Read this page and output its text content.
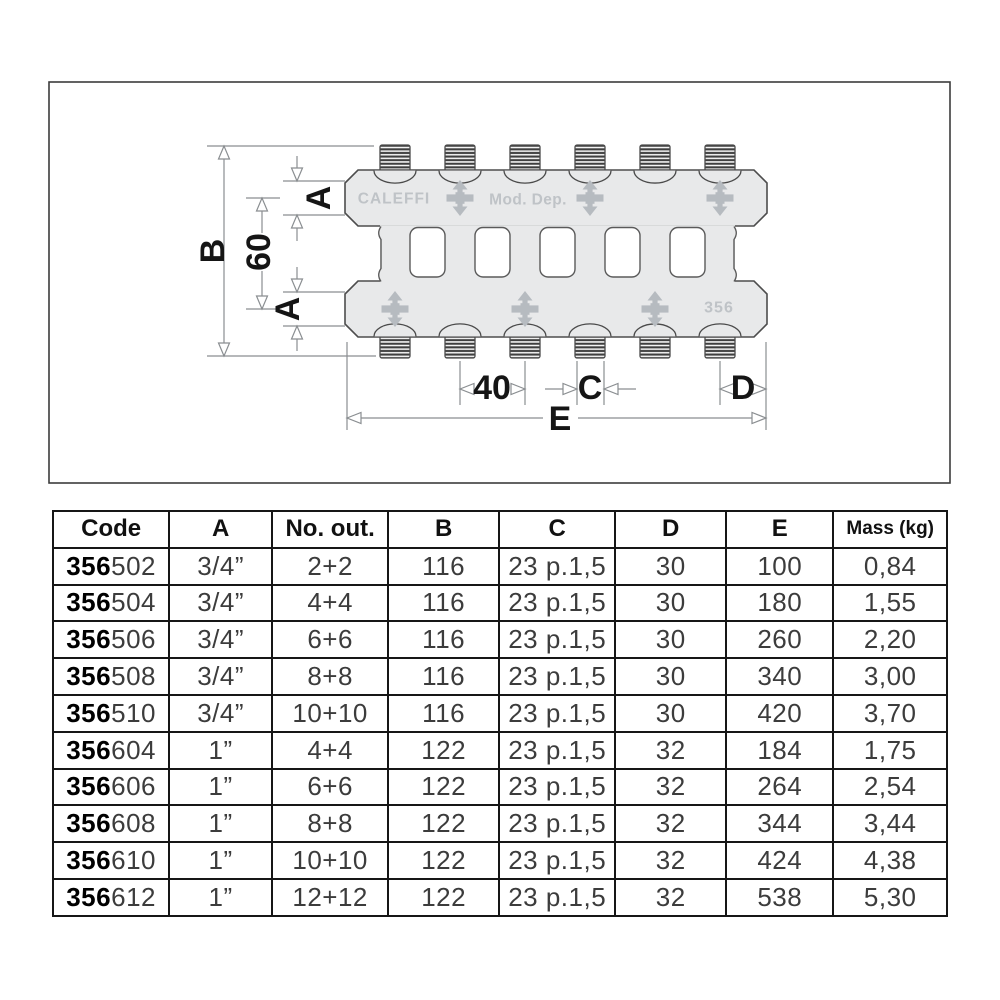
CALEFFI	Mod. Dep.
356
B 60
A
A
40 C	D
E
Code	A	No. out.	B	C	D	E	Mass (kg)
356502	3/4”	2+2	116	23 p.1,5	30	100	0,84
356504	3/4”	4+4	116	23 p.1,5	30	180	1,55
356506	3/4”	6+6	116	23 p.1,5	30	260	2,20
356508	3/4”	8+8	116	23 p.1,5	30	340	3,00
356510	3/4”	10+10	116	23 p.1,5	30	420	3,70
356604	1”	4+4	122	23 p.1,5	32	184	1,75
356606	1”	6+6	122	23 p.1,5	32	264	2,54
356608	1”	8+8	122	23 p.1,5	32	344	3,44
356610	1”	10+10	122	23 p.1,5	32	424	4,38
356612	1”	12+12	122	23 p.1,5	32	538	5,30
